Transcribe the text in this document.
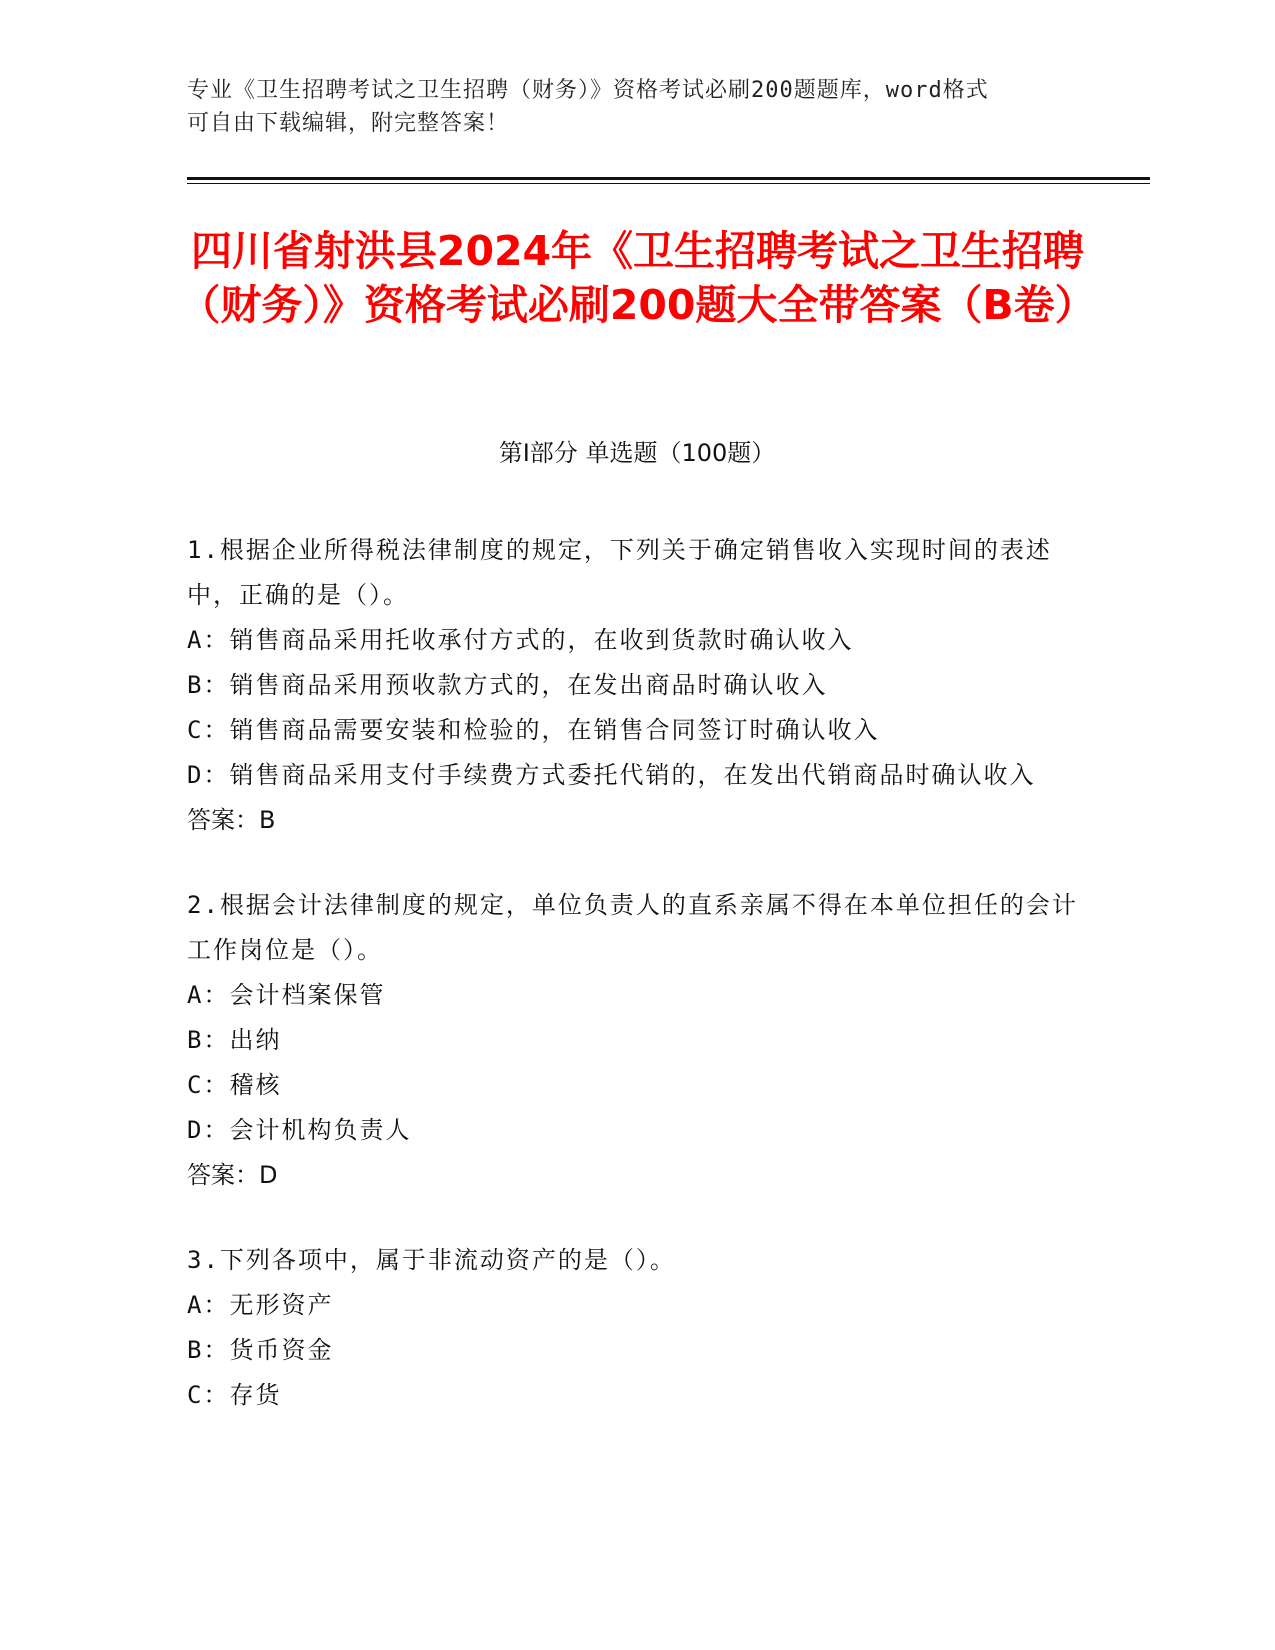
专业《卫生招聘考试之卫生招聘（财务）》资格考试必刷200题题库，word格式
可自由下载编辑，附完整答案！
四川省射洪县2024年《卫生招聘考试之卫生招聘（财务）》资格考试必刷200题大全带答案（B卷）
第Ⅰ部分 单选题（100题）

1.根据企业所得税法律制度的规定，下列关于确定销售收入实现时间的表述中，正确的是（）。

A：销售商品采用托收承付方式的，在收到货款时确认收入

B：销售商品采用预收款方式的，在发出商品时确认收入

C：销售商品需要安装和检验的，在销售合同签订时确认收入

D：销售商品采用支付手续费方式委托代销的，在发出代销商品时确认收入

答案：B

2.根据会计法律制度的规定，单位负责人的直系亲属不得在本单位担任的会计工作岗位是（）。

A：会计档案保管

B：出纳

C：稽核

D：会计机构负责人

答案：D

3.下列各项中，属于非流动资产的是（）。

A：无形资产

B：货币资金

C：存货
